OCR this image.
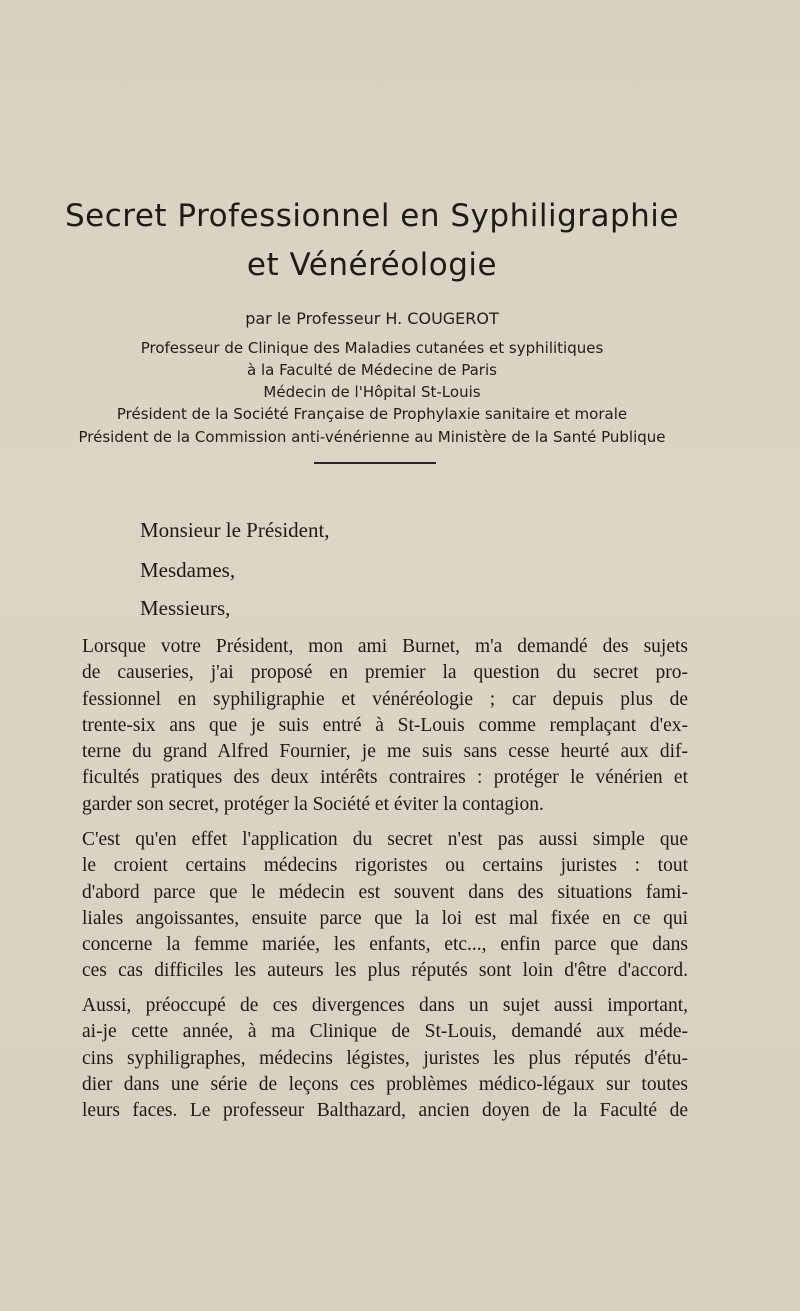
Secret Professionnel en Syphiligraphie
et Vénéréologie
par le Professeur H. COUGEROT
Professeur de Clinique des Maladies cutanées et syphilitiques
à la Faculté de Médecine de Paris
Médecin de l'Hôpital St-Louis
Président de la Société Française de Prophylaxie sanitaire et morale
Président de la Commission anti-vénérienne au Ministère de la Santé Publique
Monsieur le Président,
Mesdames,
Messieurs,
Lorsque votre Président, mon ami Burnet, m'a demandé des sujets
de causeries, j'ai proposé en premier la question du secret pro-
fessionnel en syphiligraphie et vénéréologie ; car depuis plus de
trente-six ans que je suis entré à St-Louis comme remplaçant d'ex-
terne du grand Alfred Fournier, je me suis sans cesse heurté aux dif-
ficultés pratiques des deux intérêts contraires : protéger le vénérien et
garder son secret, protéger la Société et éviter la contagion.
C'est qu'en effet l'application du secret n'est pas aussi simple que
le croient certains médecins rigoristes ou certains juristes : tout
d'abord parce que le médecin est souvent dans des situations fami-
liales angoissantes, ensuite parce que la loi est mal fixée en ce qui
concerne la femme mariée, les enfants, etc..., enfin parce que dans
ces cas difficiles les auteurs les plus réputés sont loin d'être d'accord.
Aussi, préoccupé de ces divergences dans un sujet aussi important,
ai-je cette année, à ma Clinique de St-Louis, demandé aux méde-
cins syphiligraphes, médecins légistes, juristes les plus réputés d'étu-
dier dans une série de leçons ces problèmes médico-légaux sur toutes
leurs faces. Le professeur Balthazard, ancien doyen de la Faculté de
